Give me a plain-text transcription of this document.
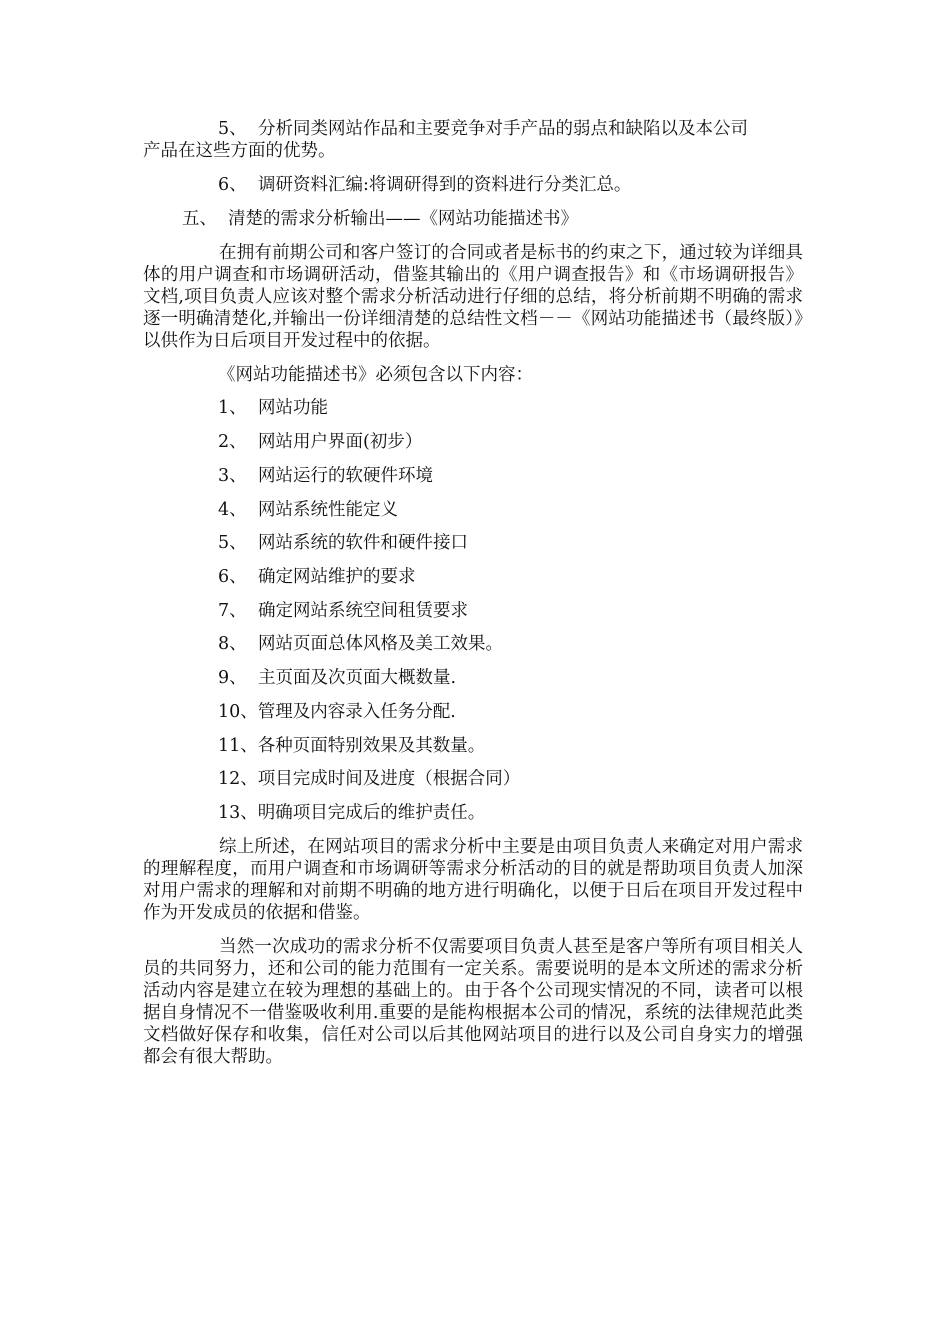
5、 分析同类网站作品和主要竞争对手产品的弱点和缺陷以及本公司
产品在这些方面的优势。
6、 调研资料汇编:将调研得到的资料进行分类汇总。
五、 清楚的需求分析输出——《网站功能描述书》
在拥有前期公司和客户签订的合同或者是标书的约束之下，通过较为详细具体的用户调查和市场调研活动，借鉴其输出的《用户调查报告》和《市场调研报告》文档,项目负责人应该对整个需求分析活动进行仔细的总结，将分析前期不明确的需求逐一明确清楚化,并输出一份详细清楚的总结性文档－－《网站功能描述书（最终版）》以供作为日后项目开发过程中的依据。
《网站功能描述书》必须包含以下内容：
1、 网站功能
2、 网站用户界面(初步）
3、 网站运行的软硬件环境
4、 网站系统性能定义
5、 网站系统的软件和硬件接口
6、 确定网站维护的要求
7、 确定网站系统空间租赁要求
8、 网站页面总体风格及美工效果。
9、 主页面及次页面大概数量.
10、管理及内容录入任务分配.
11、各种页面特别效果及其数量。
12、项目完成时间及进度（根据合同）
13、明确项目完成后的维护责任。
综上所述，在网站项目的需求分析中主要是由项目负责人来确定对用户需求的理解程度，而用户调查和市场调研等需求分析活动的目的就是帮助项目负责人加深对用户需求的理解和对前期不明确的地方进行明确化，以便于日后在项目开发过程中作为开发成员的依据和借鉴。
当然一次成功的需求分析不仅需要项目负责人甚至是客户等所有项目相关人员的共同努力，还和公司的能力范围有一定关系。需要说明的是本文所述的需求分析活动内容是建立在较为理想的基础上的。由于各个公司现实情况的不同，读者可以根据自身情况不一借鉴吸收利用.重要的是能构根据本公司的情况，系统的法律规范此类文档做好保存和收集，信任对公司以后其他网站项目的进行以及公司自身实力的增强都会有很大帮助。
